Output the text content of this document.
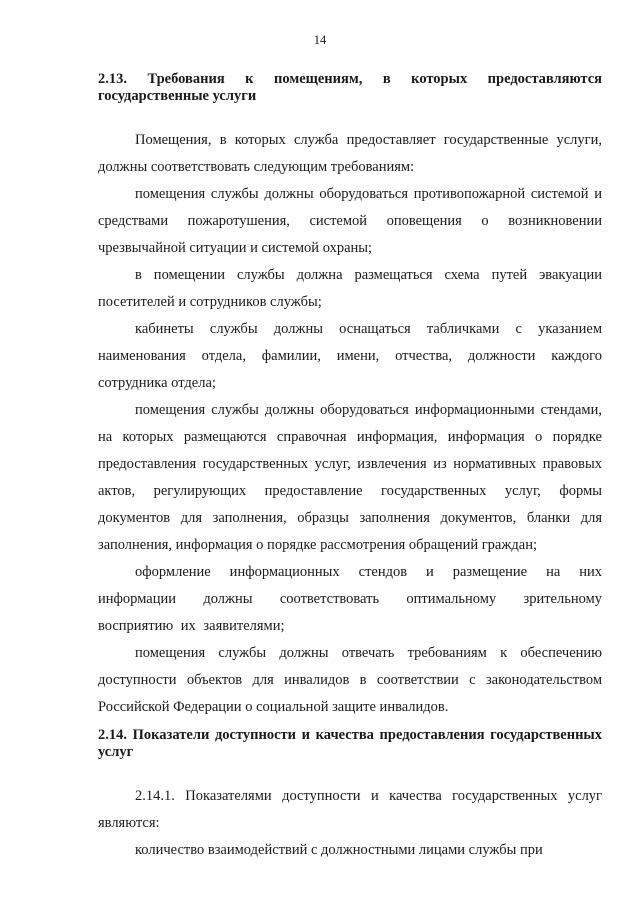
14

2.13. Требования к помещениям, в которых предоставляются государственные услуги

Помещения, в которых служба предоставляет государственные услуги, должны соответствовать следующим требованиям:

помещения службы должны оборудоваться противопожарной системой и средствами пожаротушения, системой оповещения о возникновении чрезвычайной ситуации и системой охраны;

в помещении службы должна размещаться схема путей эвакуации посетителей и сотрудников службы;

кабинеты службы должны оснащаться табличками с указанием наименования отдела, фамилии, имени, отчества, должности каждого сотрудника отдела;

помещения службы должны оборудоваться информационными стендами, на которых размещаются справочная информация, информация о порядке предоставления государственных услуг, извлечения из нормативных правовых актов, регулирующих предоставление государственных услуг, формы документов для заполнения, образцы заполнения документов, бланки для заполнения, информация о порядке рассмотрения обращений граждан;

оформление информационных стендов и размещение на них информации должны соответствовать оптимальному зрительному восприятию их заявителями;

помещения службы должны отвечать требованиям к обеспечению доступности объектов для инвалидов в соответствии с законодательством Российской Федерации о социальной защите инвалидов.

2.14. Показатели доступности и качества предоставления государственных услуг

2.14.1. Показателями доступности и качества государственных услуг являются:

количество взаимодействий с должностными лицами службы при
